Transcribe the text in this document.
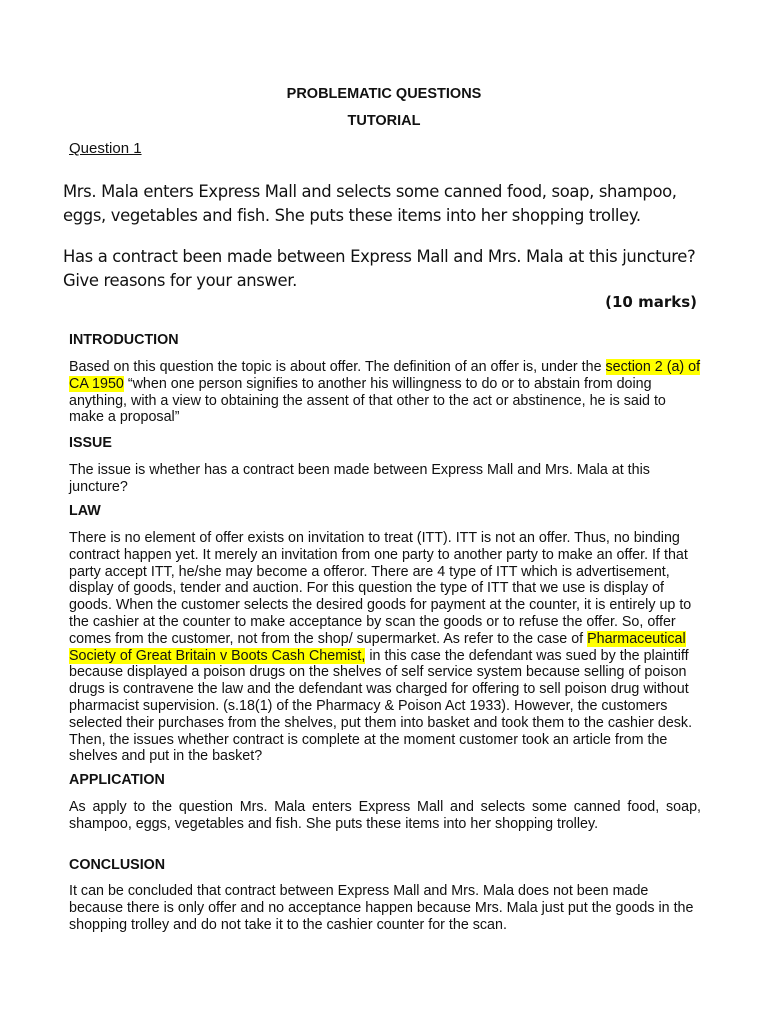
PROBLEMATIC QUESTIONS
TUTORIAL
Question 1
Mrs. Mala enters Express Mall and selects some canned food, soap, shampoo,
eggs, vegetables and fish. She puts these items into her shopping trolley.
Has a contract been made between Express Mall and Mrs. Mala at this juncture?
Give reasons for your answer.
(10 marks)
INTRODUCTION
Based on this question the topic is about offer. The definition of an offer is, under the section 2 (a) of
CA 1950 “when one person signifies to another his willingness to do or to abstain from doing
anything, with a view to obtaining the assent of that other to the act or abstinence, he is said to
make a proposal”
ISSUE
The issue is whether has a contract been made between Express Mall and Mrs. Mala at this
juncture?
LAW
There is no element of offer exists on invitation to treat (ITT). ITT is not an offer. Thus, no binding
contract happen yet. It merely an invitation from one party to another party to make an offer. If that
party accept ITT, he/she may become a offeror. There are 4 type of ITT which is advertisement,
display of goods, tender and auction. For this question the type of ITT that we use is display of
goods. When the customer selects the desired goods for payment at the counter, it is entirely up to
the cashier at the counter to make acceptance by scan the goods or to refuse the offer. So, offer
comes from the customer, not from the shop/ supermarket. As refer to the case of Pharmaceutical
Society of Great Britain v Boots Cash Chemist, in this case the defendant was sued by the plaintiff
because displayed a poison drugs on the shelves of self service system because selling of poison
drugs is contravene the law and the defendant was charged for offering to sell poison drug without
pharmacist supervision. (s.18(1) of the Pharmacy & Poison Act 1933). However, the customers
selected their purchases from the shelves, put them into basket and took them to the cashier desk.
Then, the issues whether contract is complete at the moment customer took an article from the
shelves and put in the basket?
APPLICATION
As apply to the question Mrs. Mala enters Express Mall and selects some canned food, soap,
shampoo, eggs, vegetables and fish. She puts these items into her shopping trolley.
CONCLUSION
It can be concluded that contract between Express Mall and Mrs. Mala does not been made
because there is only offer and no acceptance happen because Mrs. Mala just put the goods in the
shopping trolley and do not take it to the cashier counter for the scan.
